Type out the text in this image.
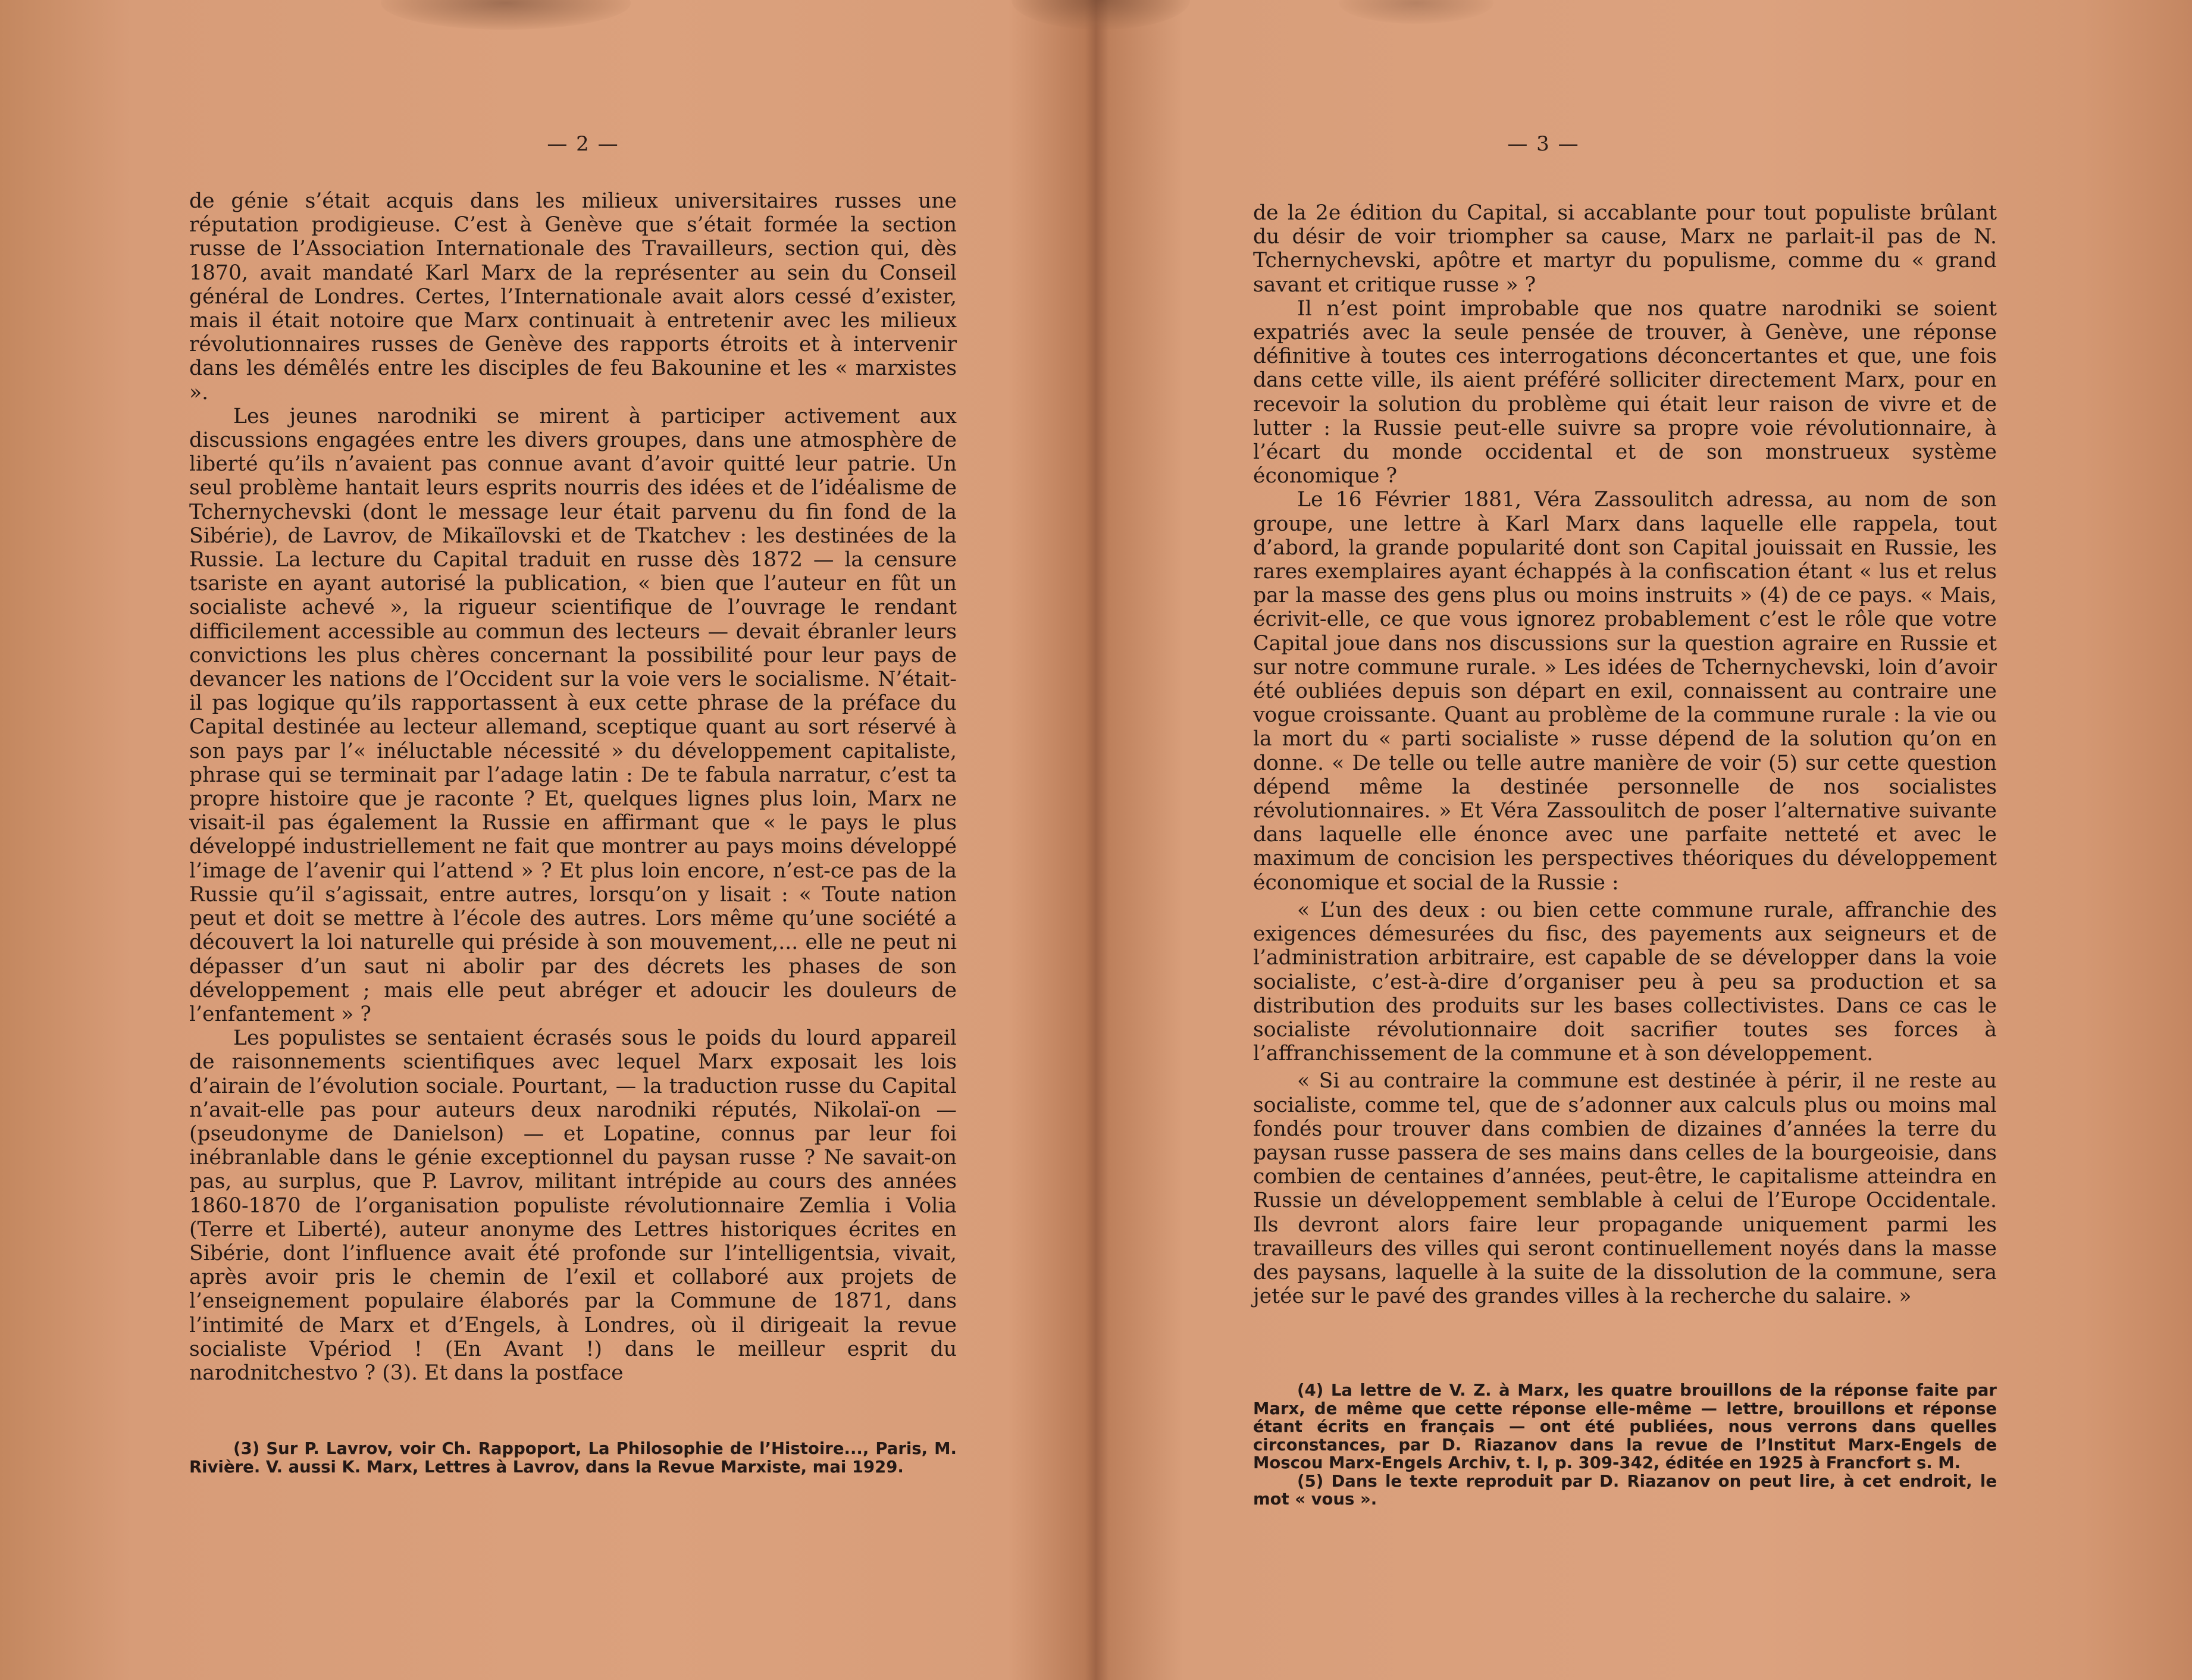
— 2 —

de génie s’était acquis dans les milieux universitaires russes une réputation prodigieuse. C’est à Genève que s’était formée la section russe de l’Association Internationale des Travailleurs, section qui, dès 1870, avait mandaté Karl Marx de la représenter au sein du Conseil général de Londres. Certes, l’Internationale avait alors cessé d’exister, mais il était notoire que Marx continuait à entretenir avec les milieux révolutionnaires russes de Genève des rapports étroits et à intervenir dans les démêlés entre les disciples de feu Bakounine et les « marxistes ».

Les jeunes narodniki se mirent à participer activement aux discussions engagées entre les divers groupes, dans une atmosphère de liberté qu’ils n’avaient pas connue avant d’avoir quitté leur patrie. Un seul problème hantait leurs esprits nourris des idées et de l’idéalisme de Tchernychevski (dont le message leur était parvenu du fin fond de la Sibérie), de Lavrov, de Mikaïlovski et de Tkatchev : les destinées de la Russie. La lecture du Capital traduit en russe dès 1872 — la censure tsariste en ayant autorisé la publication, « bien que l’auteur en fût un socialiste achevé », la rigueur scientifique de l’ouvrage le rendant difficilement accessible au commun des lecteurs — devait ébranler leurs convictions les plus chères concernant la possibilité pour leur pays de devancer les nations de l’Occident sur la voie vers le socialisme. N’était-il pas logique qu’ils rapportassent à eux cette phrase de la préface du Capital destinée au lecteur allemand, sceptique quant au sort réservé à son pays par l’« inéluctable nécessité » du développement capitaliste, phrase qui se terminait par l’adage latin : De te fabula narratur, c’est ta propre histoire que je raconte ? Et, quelques lignes plus loin, Marx ne visait-il pas également la Russie en affirmant que « le pays le plus développé industriellement ne fait que montrer au pays moins développé l’image de l’avenir qui l’attend » ? Et plus loin encore, n’est-ce pas de la Russie qu’il s’agissait, entre autres, lorsqu’on y lisait : « Toute nation peut et doit se mettre à l’école des autres. Lors même qu’une société a découvert la loi naturelle qui préside à son mouvement,... elle ne peut ni dépasser d’un saut ni abolir par des décrets les phases de son développement ; mais elle peut abréger et adoucir les douleurs de l’enfantement » ?

Les populistes se sentaient écrasés sous le poids du lourd appareil de raisonnements scientifiques avec lequel Marx exposait les lois d’airain de l’évolution sociale. Pourtant, — la traduction russe du Capital n’avait-elle pas pour auteurs deux narodniki réputés, Nikolaï-on — (pseudonyme de Danielson) — et Lopatine, connus par leur foi inébranlable dans le génie exceptionnel du paysan russe ? Ne savait-on pas, au surplus, que P. Lavrov, militant intrépide au cours des années 1860-1870 de l’organisation populiste révolutionnaire Zemlia i Volia (Terre et Liberté), auteur anonyme des Lettres historiques écrites en Sibérie, dont l’influence avait été profonde sur l’intelligentsia, vivait, après avoir pris le chemin de l’exil et collaboré aux projets de l’enseignement populaire élaborés par la Commune de 1871, dans l’intimité de Marx et d’Engels, à Londres, où il dirigeait la revue socialiste Vpériod ! (En Avant !) dans le meilleur esprit du narodnitchestvo ? (3). Et dans la postface

(3) Sur P. Lavrov, voir Ch. Rappoport, La Philosophie de l’Histoire..., Paris, M. Rivière. V. aussi K. Marx, Lettres à Lavrov, dans la Revue Marxiste, mai 1929.

— 3 —

de la 2e édition du Capital, si accablante pour tout populiste brûlant du désir de voir triompher sa cause, Marx ne parlait-il pas de N. Tchernychevski, apôtre et martyr du populisme, comme du « grand savant et critique russe » ?

Il n’est point improbable que nos quatre narodniki se soient expatriés avec la seule pensée de trouver, à Genève, une réponse définitive à toutes ces interrogations déconcertantes et que, une fois dans cette ville, ils aient préféré solliciter directement Marx, pour en recevoir la solution du problème qui était leur raison de vivre et de lutter : la Russie peut-elle suivre sa propre voie révolutionnaire, à l’écart du monde occidental et de son monstrueux système économique ?

Le 16 Février 1881, Véra Zassoulitch adressa, au nom de son groupe, une lettre à Karl Marx dans laquelle elle rappela, tout d’abord, la grande popularité dont son Capital jouissait en Russie, les rares exemplaires ayant échappés à la confiscation étant « lus et relus par la masse des gens plus ou moins instruits » (4) de ce pays. « Mais, écrivit-elle, ce que vous ignorez probablement c’est le rôle que votre Capital joue dans nos discussions sur la question agraire en Russie et sur notre commune rurale. » Les idées de Tchernychevski, loin d’avoir été oubliées depuis son départ en exil, connaissent au contraire une vogue croissante. Quant au problème de la commune rurale : la vie ou la mort du « parti socialiste » russe dépend de la solution qu’on en donne. « De telle ou telle autre manière de voir (5) sur cette question dépend même la destinée personnelle de nos socialistes révolutionnaires. » Et Véra Zassoulitch de poser l’alternative suivante dans laquelle elle énonce avec une parfaite netteté et avec le maximum de concision les perspectives théoriques du développement économique et social de la Russie :

« L’un des deux : ou bien cette commune rurale, affranchie des exigences démesurées du fisc, des payements aux seigneurs et de l’administration arbitraire, est capable de se développer dans la voie socialiste, c’est-à-dire d’organiser peu à peu sa production et sa distribution des produits sur les bases collectivistes. Dans ce cas le socialiste révolutionnaire doit sacrifier toutes ses forces à l’affranchissement de la commune et à son développement.

« Si au contraire la commune est destinée à périr, il ne reste au socialiste, comme tel, que de s’adonner aux calculs plus ou moins mal fondés pour trouver dans combien de dizaines d’années la terre du paysan russe passera de ses mains dans celles de la bourgeoisie, dans combien de centaines d’années, peut-être, le capitalisme atteindra en Russie un développement semblable à celui de l’Europe Occidentale. Ils devront alors faire leur propagande uniquement parmi les travailleurs des villes qui seront continuellement noyés dans la masse des paysans, laquelle à la suite de la dissolution de la commune, sera jetée sur le pavé des grandes villes à la recherche du salaire. »

(4) La lettre de V. Z. à Marx, les quatre brouillons de la réponse faite par Marx, de même que cette réponse elle-même — lettre, brouillons et réponse étant écrits en français — ont été publiées, nous verrons dans quelles circonstances, par D. Riazanov dans la revue de l’Institut Marx-Engels de Moscou Marx-Engels Archiv, t. I, p. 309-342, éditée en 1925 à Francfort s. M.

(5) Dans le texte reproduit par D. Riazanov on peut lire, à cet endroit, le mot « vous ».
